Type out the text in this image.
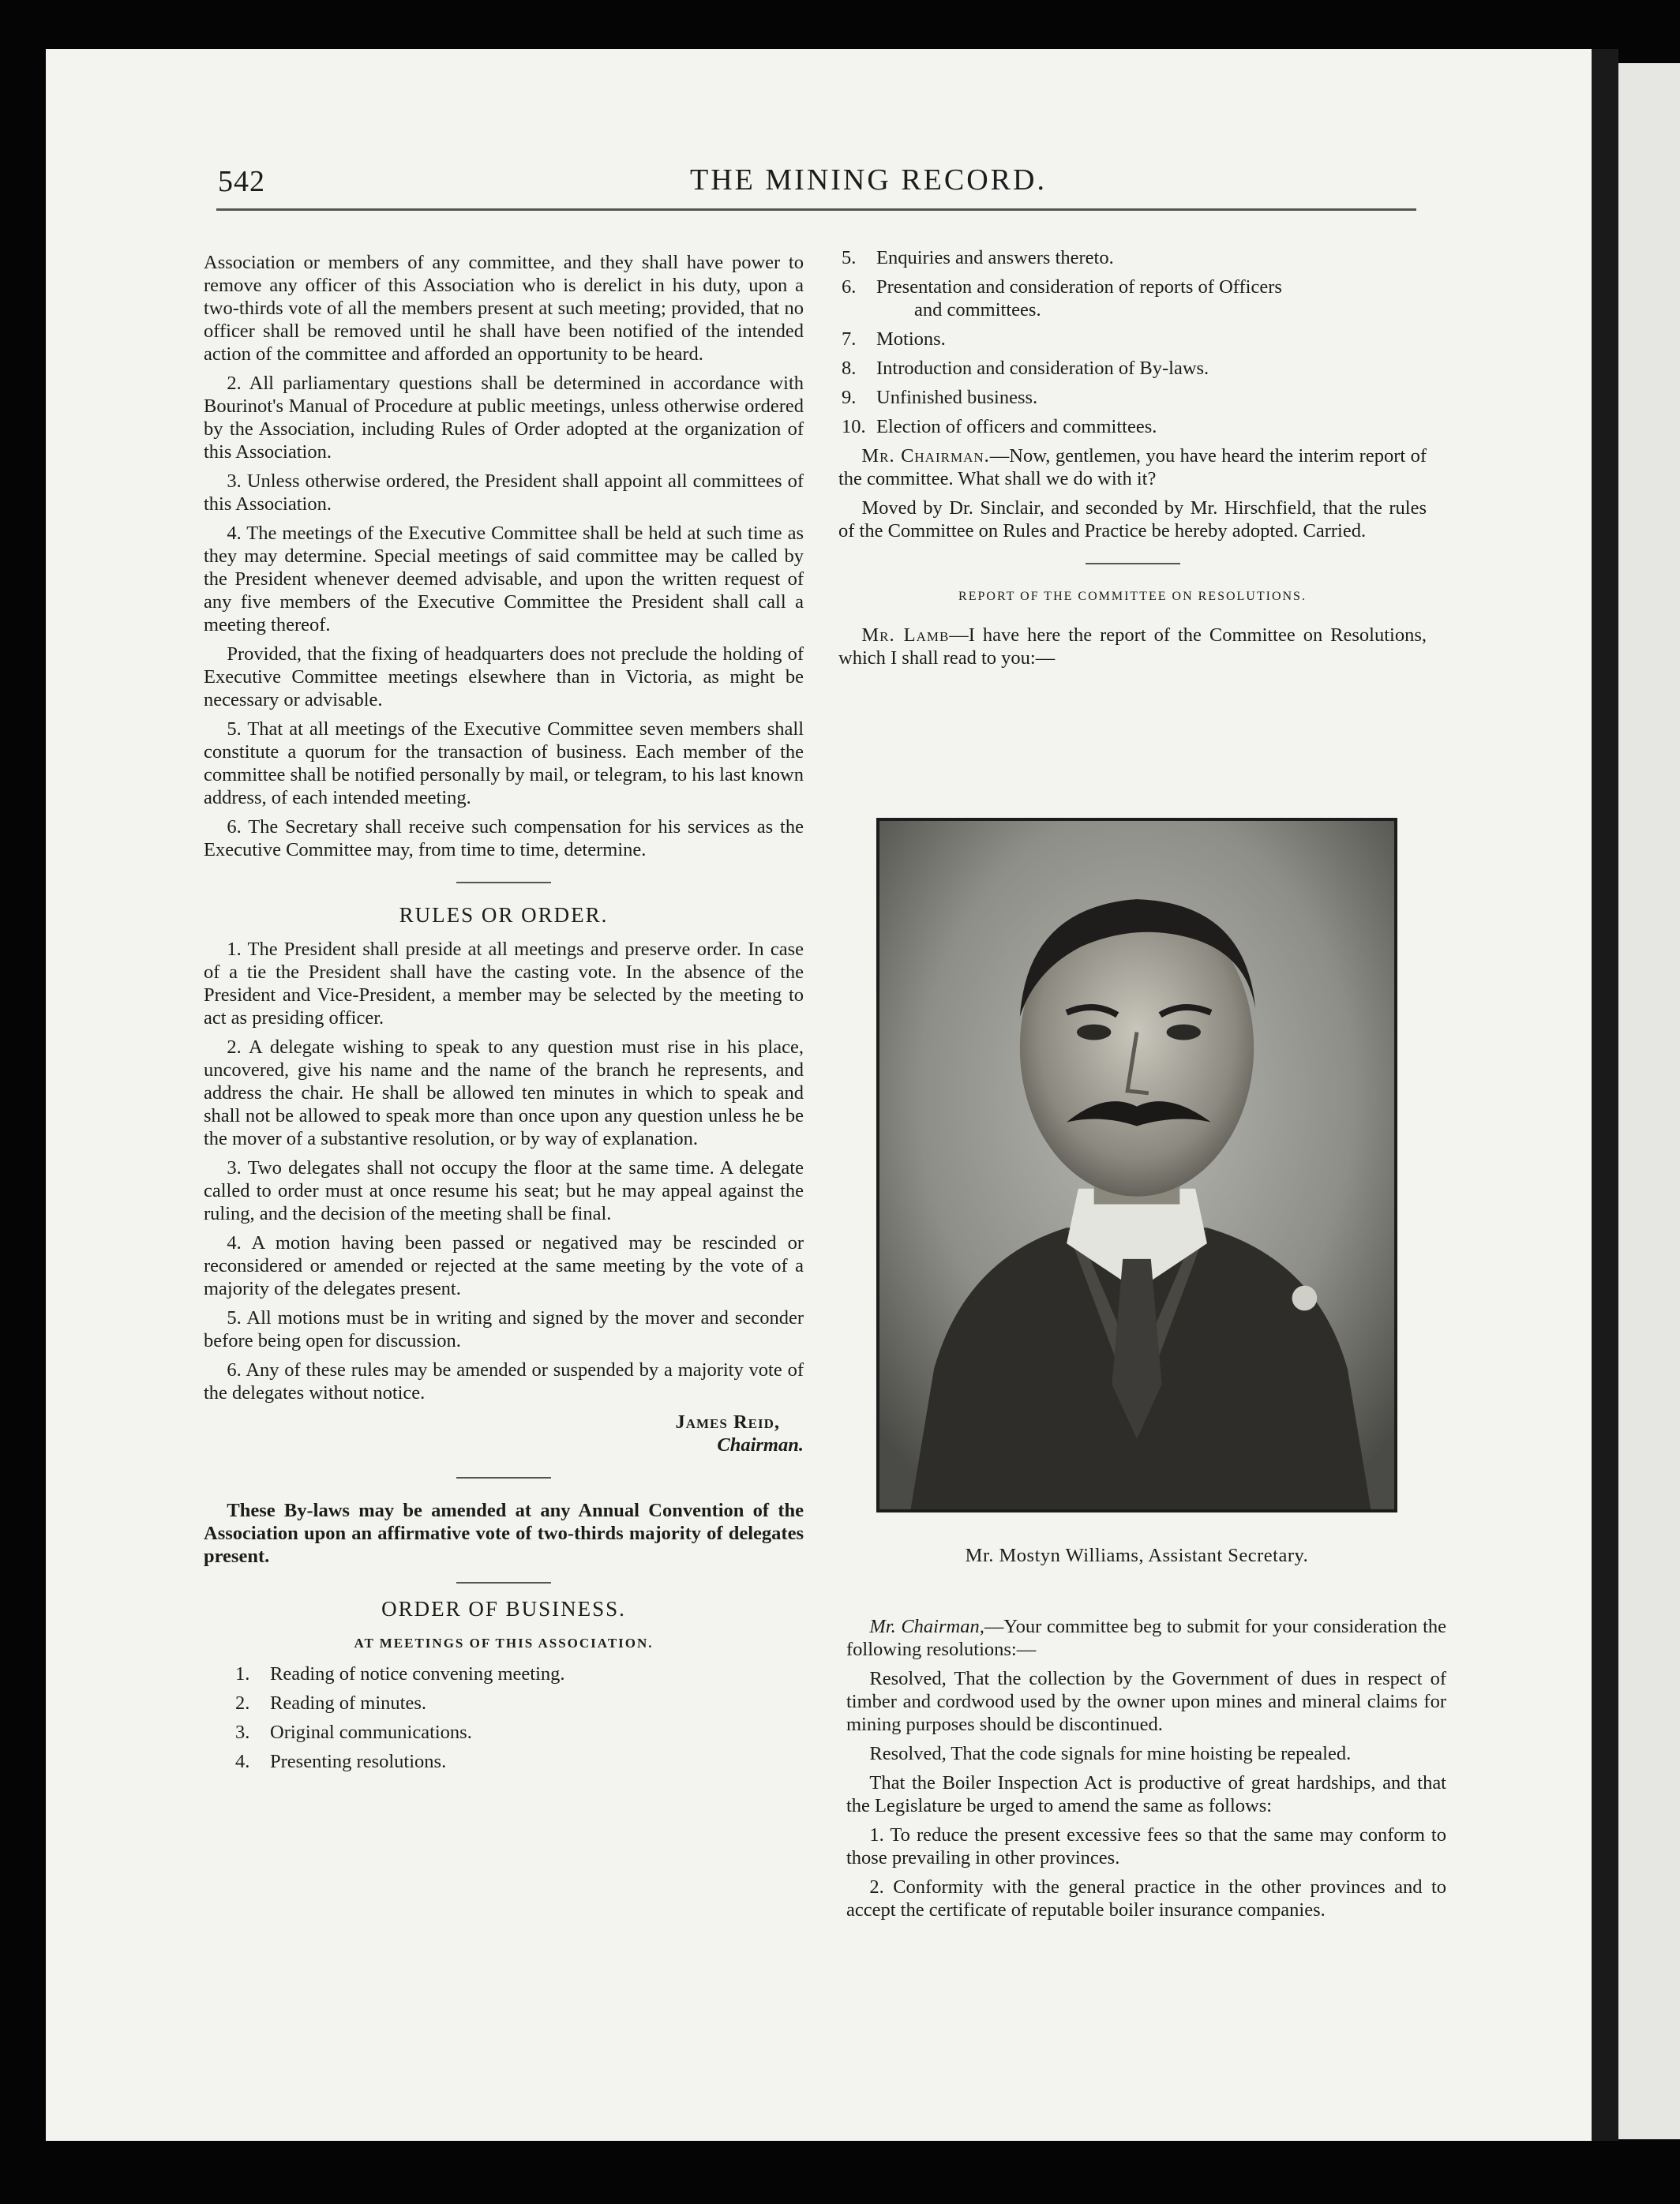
542	THE MINING RECORD.

Association or members of any committee, and they shall have power to remove any officer of this Association who is derelict in his duty, upon a two-thirds vote of all the members present at such meeting; provided, that no officer shall be removed until he shall have been notified of the intended action of the committee and afforded an opportunity to be heard.

2. All parliamentary questions shall be determined in accordance with Bourinot's Manual of Procedure at public meetings, unless otherwise ordered by the Association, including Rules of Order adopted at the organization of this Association.

3. Unless otherwise ordered, the President shall appoint all committees of this Association.

4. The meetings of the Executive Committee shall be held at such time as they may determine. Special meetings of said committee may be called by the President whenever deemed advisable, and upon the written request of any five members of the Executive Committee the President shall call a meeting thereof.

Provided, that the fixing of headquarters does not preclude the holding of Executive Committee meetings elsewhere than in Victoria, as might be necessary or advisable.

5. That at all meetings of the Executive Committee seven members shall constitute a quorum for the transaction of business. Each member of the committee shall be notified personally by mail, or telegram, to his last known address, of each intended meeting.

6. The Secretary shall receive such compensation for his services as the Executive Committee may, from time to time, determine.

RULES OR ORDER.

1. The President shall preside at all meetings and preserve order. In case of a tie the President shall have the casting vote. In the absence of the President and Vice-President, a member may be selected by the meeting to act as presiding officer.

2. A delegate wishing to speak to any question must rise in his place, uncovered, give his name and the name of the branch he represents, and address the chair. He shall be allowed ten minutes in which to speak and shall not be allowed to speak more than once upon any question unless he be the mover of a substantive resolution, or by way of explanation.

3. Two delegates shall not occupy the floor at the same time. A delegate called to order must at once resume his seat; but he may appeal against the ruling, and the decision of the meeting shall be final.

4. A motion having been passed or negatived may be rescinded or reconsidered or amended or rejected at the same meeting by the vote of a majority of the delegates present.

5. All motions must be in writing and signed by the mover and seconder before being open for discussion.

6. Any of these rules may be amended or suspended by a majority vote of the delegates without notice.

James Reid,
Chairman.

These By-laws may be amended at any Annual Convention of the Association upon an affirmative vote of two-thirds majority of delegates present.

ORDER OF BUSINESS.
AT MEETINGS OF THIS ASSOCIATION.
1. Reading of notice convening meeting.
2. Reading of minutes.
3. Original communications.
4. Presenting resolutions.
5. Enquiries and answers thereto.
6. Presentation and consideration of reports of Officers
and committees.
7. Motions.
8. Introduction and consideration of By-laws.
9. Unfinished business.
10. Election of officers and committees.

Mr. Chairman.—Now, gentlemen, you have heard the interim report of the committee. What shall we do with it?

Moved by Dr. Sinclair, and seconded by Mr. Hirschfield, that the rules of the Committee on Rules and Practice be hereby adopted. Carried.

REPORT OF THE COMMITTEE ON RESOLUTIONS.

Mr. Lamb—I have here the report of the Committee on Resolutions, which I shall read to you:—

Mr. Mostyn Williams, Assistant Secretary.

Mr. Chairman,—Your committee beg to submit for your consideration the following resolutions:—

Resolved, That the collection by the Government of dues in respect of timber and cordwood used by the owner upon mines and mineral claims for mining purposes should be discontinued.

Resolved, That the code signals for mine hoisting be repealed.

That the Boiler Inspection Act is productive of great hardships, and that the Legislature be urged to amend the same as follows:

1. To reduce the present excessive fees so that the same may conform to those prevailing in other provinces.

2. Conformity with the general practice in the other provinces and to accept the certificate of reputable boiler insurance companies.
